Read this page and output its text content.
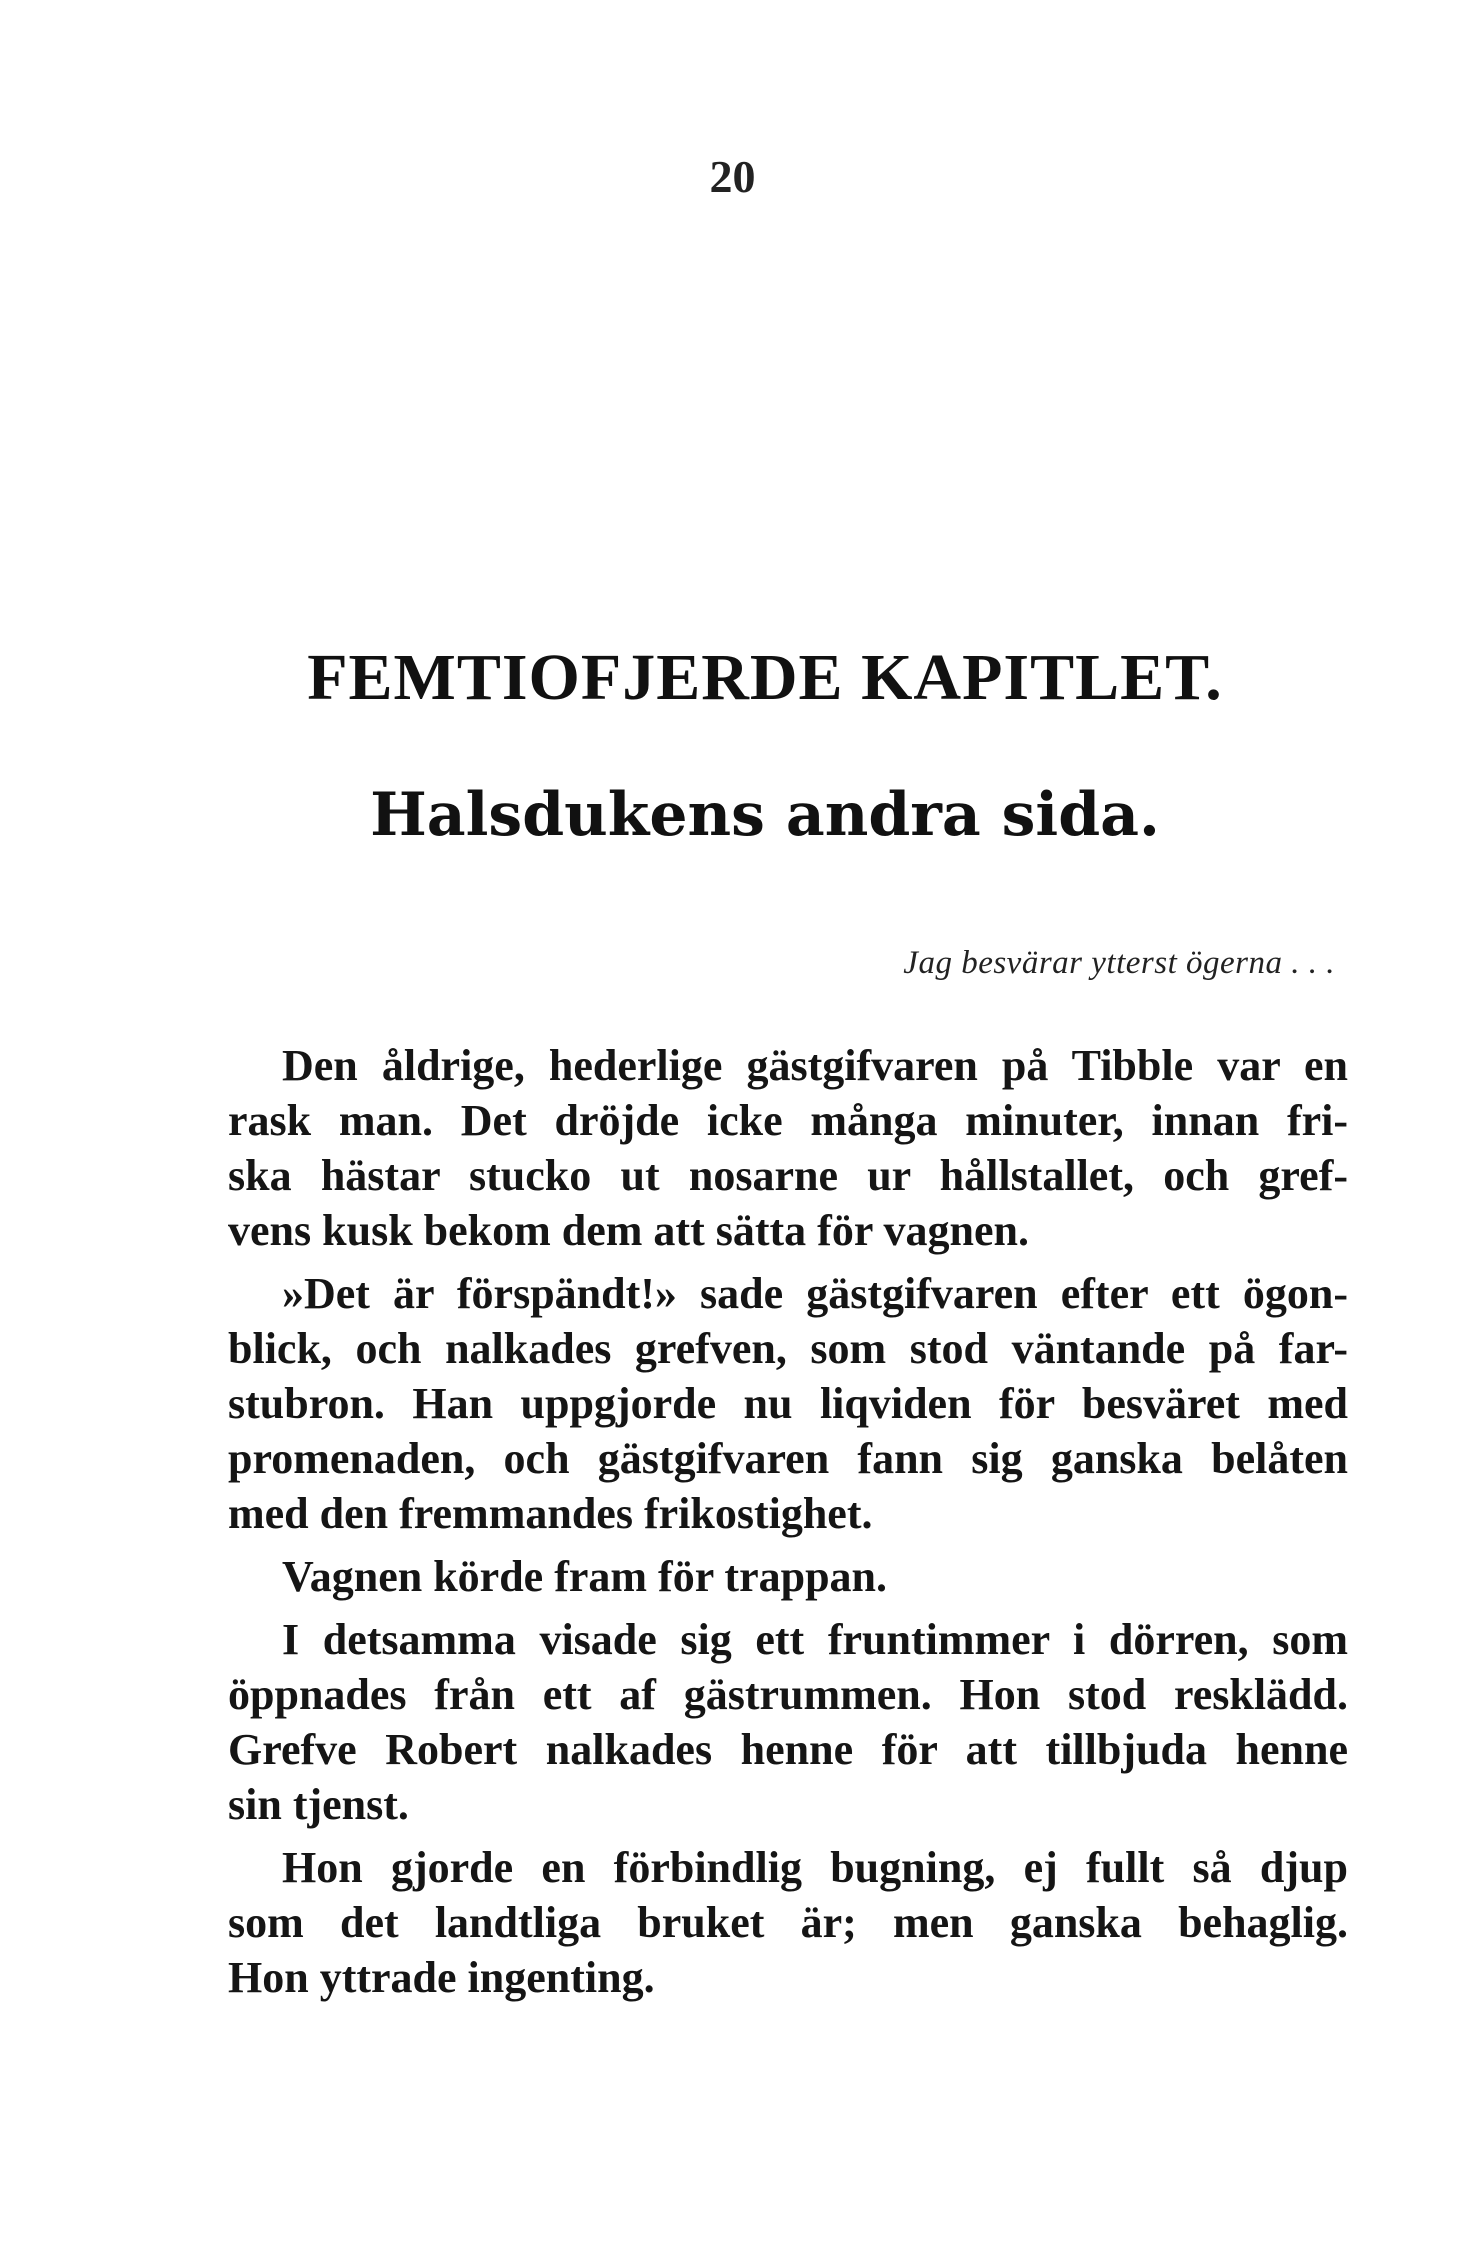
20
FEMTIOFJERDE KAPITLET.
Halsdukens andra sida.
Jag besvärar ytterst ögerna . . .

Den åldrige, hederlige gästgifvaren på Tibble var en
rask man. Det dröjde icke många minuter, innan fri-
ska hästar stucko ut nosarne ur hållstallet, och gref-
vens kusk bekom dem att sätta för vagnen.

»Det är förspändt!» sade gästgifvaren efter ett ögon-
blick, och nalkades grefven, som stod väntande på far-
stubron. Han uppgjorde nu liqviden för besväret med
promenaden, och gästgifvaren fann sig ganska belåten
med den fremmandes frikostighet.

Vagnen körde fram för trappan.

I detsamma visade sig ett fruntimmer i dörren, som
öppnades från ett af gästrummen. Hon stod resklädd.
Grefve Robert nalkades henne för att tillbjuda henne
sin tjenst.

Hon gjorde en förbindlig bugning, ej fullt så djup
som det landtliga bruket är; men ganska behaglig.
Hon yttrade ingenting.
